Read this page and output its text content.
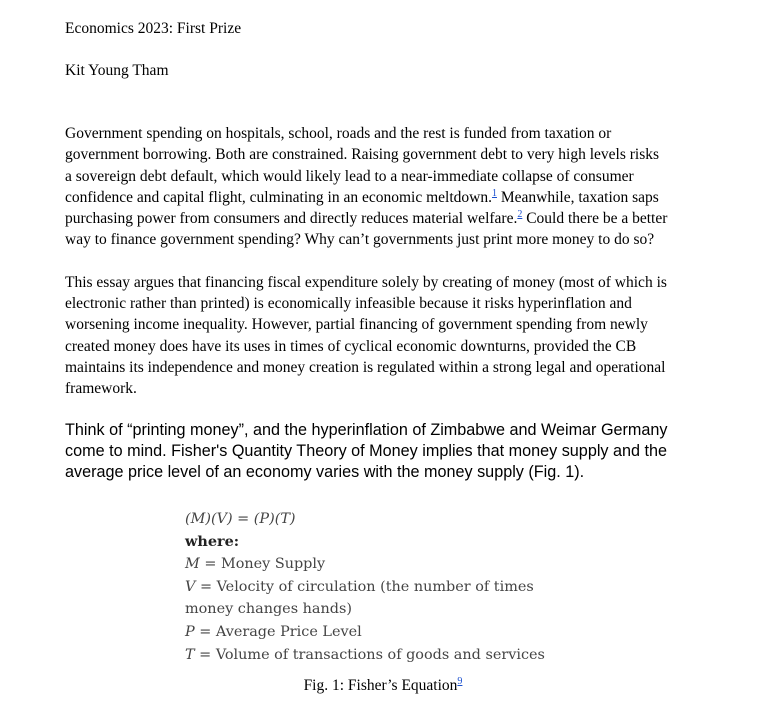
Economics 2023: First Prize
Kit Young Tham

Government spending on hospitals, school, roads and the rest is funded from taxation or
government borrowing. Both are constrained. Raising government debt to very high levels risks
a sovereign debt default, which would likely lead to a near-immediate collapse of consumer
confidence and capital flight, culminating in an economic meltdown.$^1$ Meanwhile, taxation saps
purchasing power from consumers and directly reduces material welfare.$^2$ Could there be a better
way to finance government spending? Why can’t governments just print more money to do so?

This essay argues that financing fiscal expenditure solely by creating of money (most of which is
electronic rather than printed) is economically infeasible because it risks hyperinflation and
worsening income inequality. However, partial financing of government spending from newly
created money does have its uses in times of cyclical economic downturns, provided the CB
maintains its independence and money creation is regulated within a strong legal and operational
framework.

Think of “printing money”, and the hyperinflation of Zimbabwe and Weimar Germany
come to mind. Fisher's Quantity Theory of Money implies that money supply and the
average price level of an economy varies with the money supply (Fig. 1).

(M)(V) = (P)(T)
where:
M = Money Supply
V = Velocity of circulation (the number of times
money changes hands)
P = Average Price Level
T = Volume of transactions of goods and services
Fig. 1: Fisher’s Equation$^9$
